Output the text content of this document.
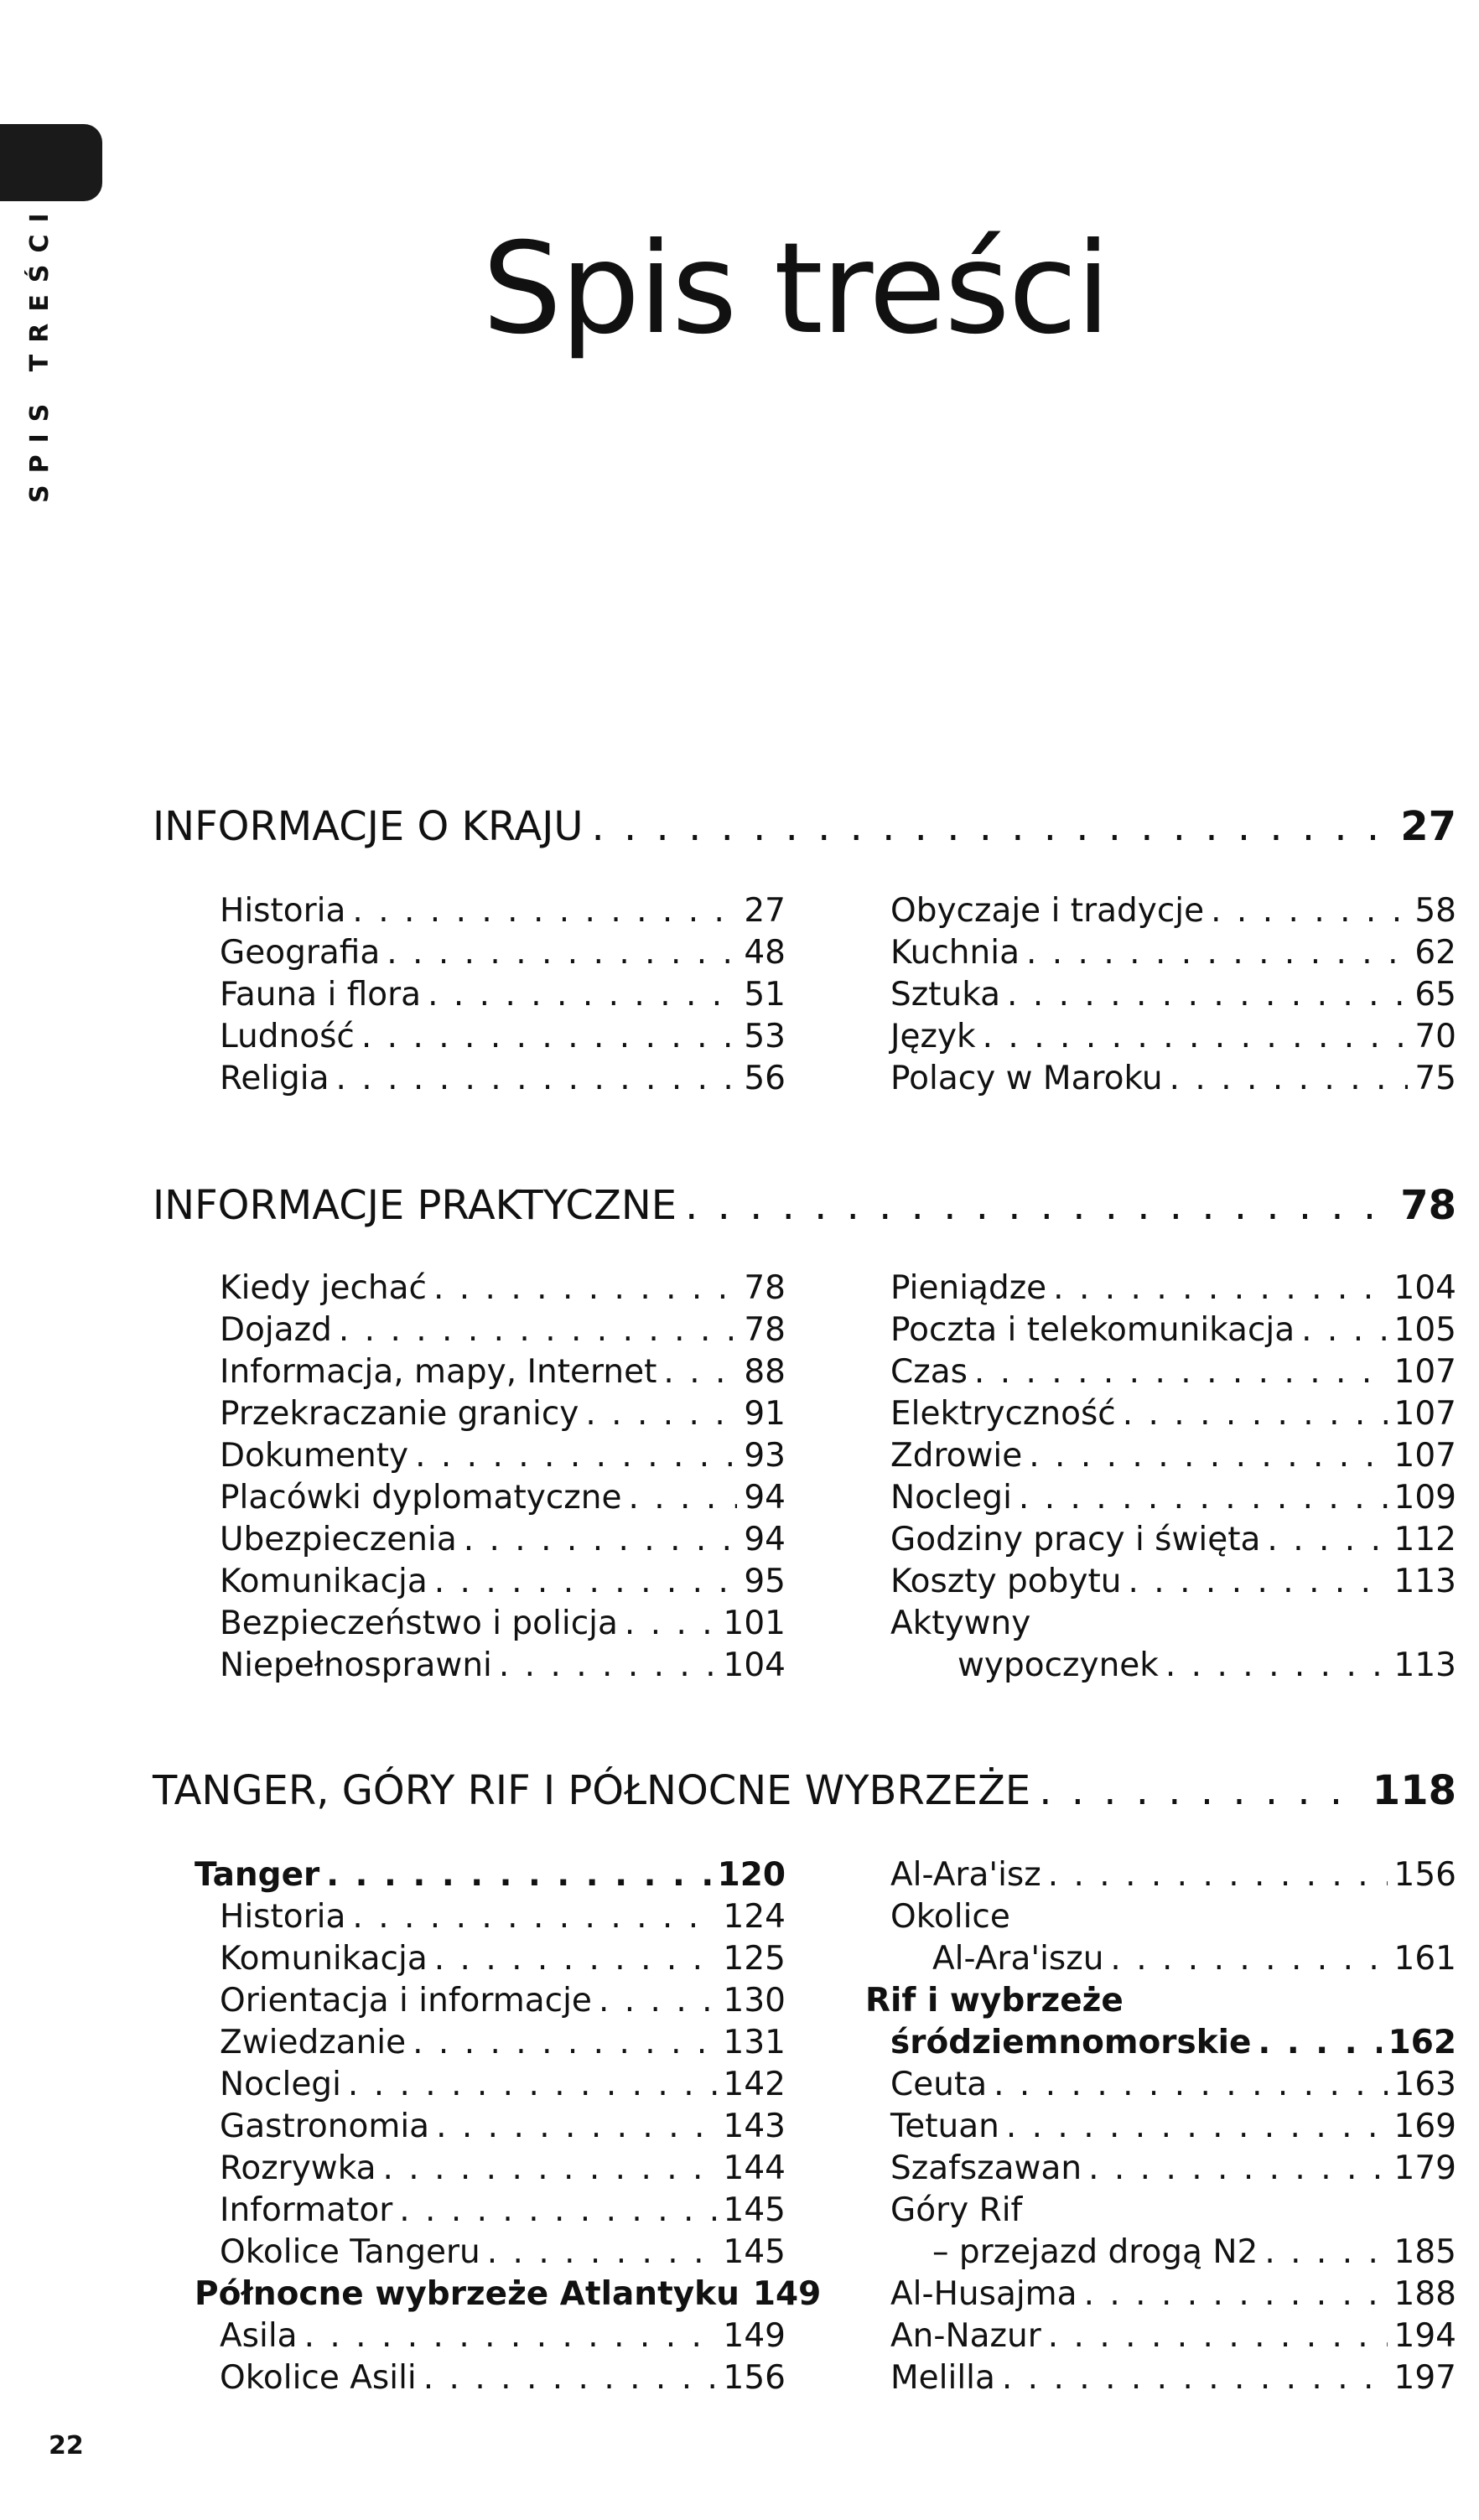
SPIS TREŚCI	Spis treści
INFORMACJE O KRAJU . . .	27
Historia . . .	27
Geografia . . .	48
Fauna i flora . . .	51
Ludność . . .	53
Religia . . .	56
Obyczaje i tradycje . . .	58
Kuchnia . . .	62
Sztuka . . .	65
Język . . .	70
Polacy w Maroku . . .	75
INFORMACJE PRAKTYCZNE . . .	78
Kiedy jechać . . .	78
Dojazd . . .	78
Informacja, mapy, Internet . . .	88
Przekraczanie granicy . . .	91
Dokumenty . . .	93
Placówki dyplomatyczne . . .	94
Ubezpieczenia . . .	94
Komunikacja . . .	95
Bezpieczeństwo i policja . . .	101
Niepełnosprawni . . .	104
Pieniądze . . .	104
Poczta i telekomunikacja . . .	105
Czas . . .	107
Elektryczność . . .	107
Zdrowie . . .	107
Noclegi . . .	109
Godziny pracy i święta . . .	112
Koszty pobytu . . .	113
Aktywny
wypoczynek . . .	113
TANGER, GÓRY RIF I PÓŁNOCNE WYBRZEŻE . . .	118
Tanger . . .	120
Historia . . .	124
Komunikacja . . .	125
Orientacja i informacje . . .	130
Zwiedzanie . . .	131
Noclegi . . .	142
Gastronomia . . .	143
Rozrywka . . .	144
Informator . . .	145
Okolice Tangeru . . .	145
Północne wybrzeże Atlantyku 149
Asila . . .	149
Okolice Asili . . .	156
Al-Ara'isz . . .	156
Okolice
Al-Ara'iszu . . .	161
Rif i wybrzeże
śródziemnomorskie . . .	162
Ceuta . . .	163
Tetuan . . .	169
Szafszawan . . .	179
Góry Rif
– przejazd drogą N2 . . .	185
Al-Husajma . . .	188
An-Nazur . . .	194
Melilla . . .	197
22
